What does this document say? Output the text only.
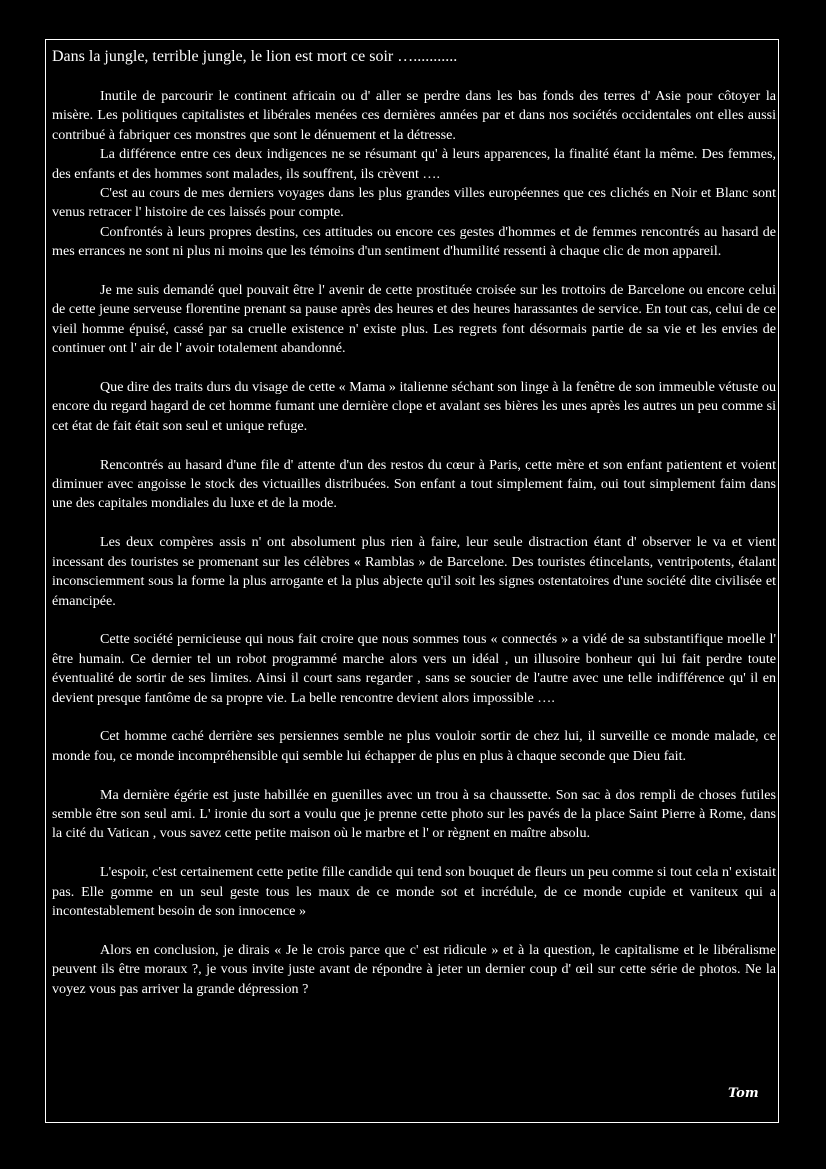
Dans la jungle, terrible jungle, le lion est mort ce soir …...........
Inutile de parcourir le continent africain ou d' aller se perdre dans les bas fonds des terres d' Asie pour côtoyer la misère. Les politiques capitalistes et libérales menées ces dernières années par et dans nos sociétés occidentales ont elles aussi contribué à fabriquer ces monstres que sont le dénuement et la détresse.
La différence entre ces deux indigences ne se résumant qu' à leurs apparences, la finalité étant la même. Des femmes, des enfants et des hommes sont malades, ils souffrent, ils crèvent ….
C'est au cours de mes derniers voyages dans les plus grandes villes européennes que ces clichés en Noir et Blanc sont venus retracer l' histoire de ces laissés pour compte.
Confrontés à leurs propres destins, ces attitudes ou encore ces gestes d'hommes et de femmes rencontrés au hasard de mes errances ne sont ni plus ni moins que les témoins d'un sentiment d'humilité ressenti à chaque clic de mon appareil.
Je me suis demandé quel pouvait être l' avenir de cette prostituée croisée sur les trottoirs de Barcelone ou encore celui de cette jeune serveuse florentine prenant sa pause après des heures et des heures harassantes de service. En tout cas, celui de ce vieil homme épuisé, cassé par sa cruelle existence n' existe plus. Les regrets font désormais partie de sa vie et les envies de continuer ont l' air de l' avoir totalement abandonné.
Que dire des traits durs du visage de cette « Mama » italienne séchant son linge à la fenêtre de son immeuble vétuste ou encore du regard hagard de cet homme fumant une dernière clope et avalant ses bières les unes après les autres un peu comme si cet état de fait était son seul et unique refuge.
Rencontrés au hasard d'une file d' attente d'un des restos du cœur à Paris, cette mère et son enfant patientent et voient diminuer avec angoisse le stock des victuailles distribuées. Son enfant a tout simplement faim, oui tout simplement faim dans une des capitales mondiales du luxe et de la mode.
Les deux compères assis n' ont absolument plus rien à faire, leur seule distraction étant d' observer le va et vient incessant des touristes se promenant sur les célèbres « Ramblas » de Barcelone. Des touristes étincelants, ventripotents, étalant inconsciemment sous la forme la plus arrogante et la plus abjecte qu'il soit les signes ostentatoires d'une société dite civilisée et émancipée.
Cette société pernicieuse qui nous fait croire que nous sommes tous « connectés » a vidé de sa substantifique moelle l' être humain. Ce dernier tel un robot programmé marche alors vers un idéal , un illusoire bonheur qui lui fait perdre toute éventualité de sortir de ses limites. Ainsi il court sans regarder , sans se soucier de l'autre avec une telle indifférence qu' il en devient presque fantôme de sa propre vie. La belle rencontre devient alors impossible ….
Cet homme caché derrière ses persiennes semble ne plus vouloir sortir de chez lui, il surveille ce monde malade, ce monde fou, ce monde incompréhensible qui semble lui échapper de plus en plus à chaque seconde que Dieu fait.
Ma dernière égérie est juste habillée en guenilles avec un trou à sa chaussette. Son sac à dos rempli de choses futiles semble être son seul ami. L' ironie du sort a voulu que je prenne cette photo sur les pavés de la place Saint Pierre à Rome, dans la cité du Vatican , vous savez cette petite maison où le marbre et l' or règnent en maître absolu.
L'espoir, c'est certainement cette petite fille candide qui tend son bouquet de fleurs un peu comme si tout cela n' existait pas. Elle gomme en un seul geste tous les maux de ce monde sot et incrédule, de ce monde cupide et vaniteux qui a incontestablement besoin de son innocence »
Alors en conclusion, je dirais « Je le crois parce que c' est ridicule » et à la question, le capitalisme et le libéralisme peuvent ils être moraux ?, je vous invite juste avant de répondre à jeter un dernier coup d' œil sur cette série de photos. Ne la voyez vous pas arriver la grande dépression ?
Tom
